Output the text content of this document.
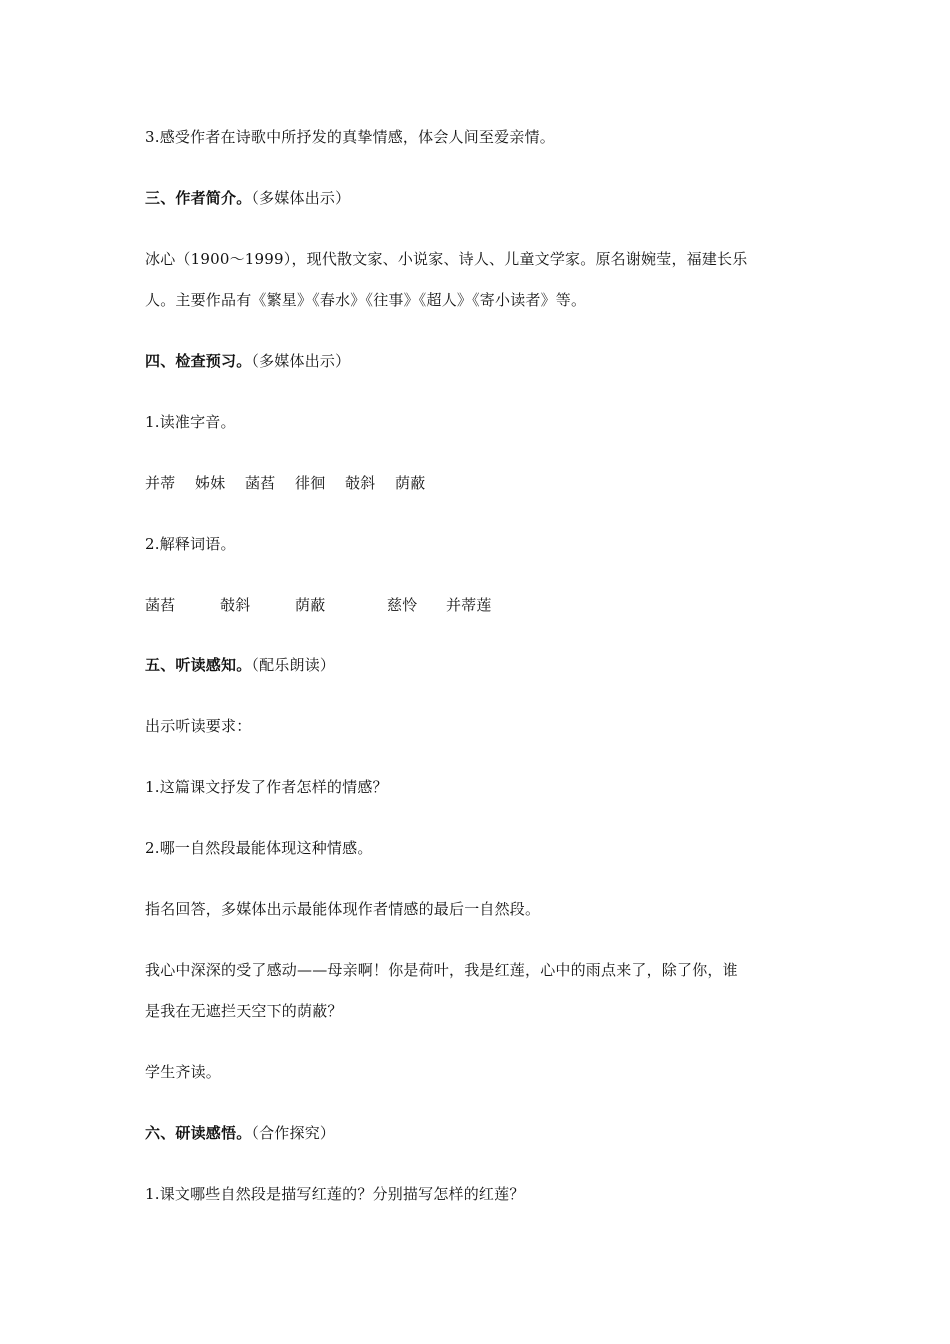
3.感受作者在诗歌中所抒发的真挚情感，体会人间至爱亲情。
三、作者简介。（多媒体出示）
冰心（1900～1999），现代散文家、小说家、诗人、儿童文学家。原名谢婉莹，福建长乐
人。主要作品有《繁星》《春水》《往事》《超人》《寄小读者》等。
四、检查预习。（多媒体出示）
1.读准字音。
并蒂 姊妹 菡萏 徘徊 攲斜 荫蔽
2.解释词语。
菡萏	攲斜	荫蔽	慈怜 并蒂莲
五、听读感知。（配乐朗读）
出示听读要求：
1.这篇课文抒发了作者怎样的情感？
2.哪一自然段最能体现这种情感。
指名回答，多媒体出示最能体现作者情感的最后一自然段。
我心中深深的受了感动——母亲啊！你是荷叶，我是红莲，心中的雨点来了，除了你，谁
是我在无遮拦天空下的荫蔽？
学生齐读。
六、研读感悟。（合作探究）
1.课文哪些自然段是描写红莲的？分别描写怎样的红莲？
